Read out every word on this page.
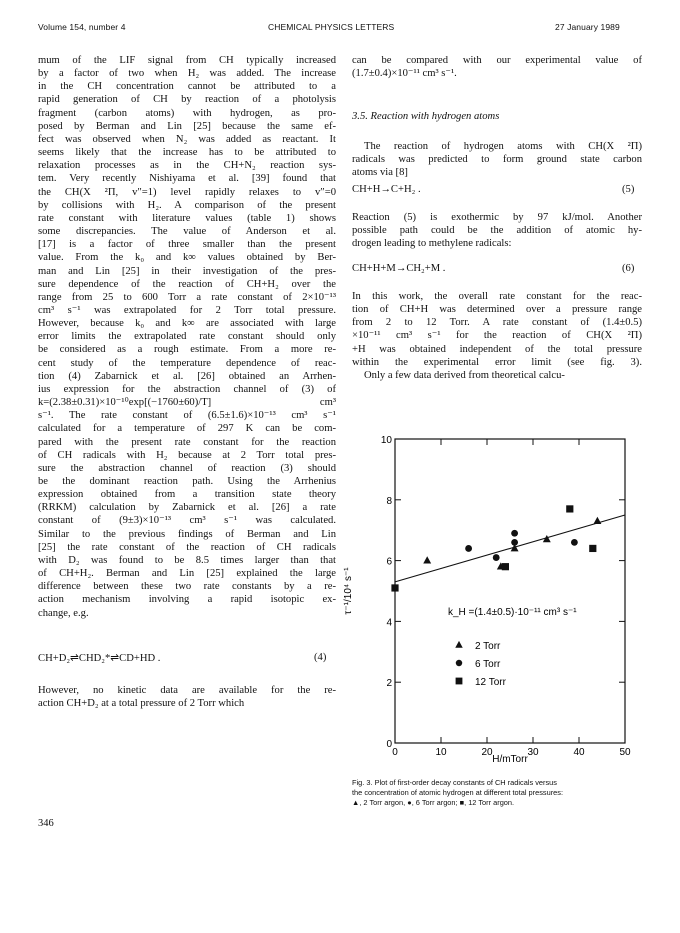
Volume 154, number 4	CHEMICAL PHYSICS LETTERS	27 January 1989
mum of the LIF signal from CH typically increased
by a factor of two when H₂ was added. The increase
in the CH concentration cannot be attributed to a
rapid generation of CH by reaction of a photolysis
fragment (carbon atoms) with hydrogen, as pro-
posed by Berman and Lin [25] because the same ef-
fect was observed when N₂ was added as reactant. It
seems likely that the increase has to be attributed to
relaxation processes as in the CH+N₂ reaction sys-
tem. Very recently Nishiyama et al. [39] found that
the CH(X ²Π, v″=1) level rapidly relaxes to v″=0
by collisions with H₂. A comparison of the present
rate constant with literature values (table 1) shows
some discrepancies. The value of Anderson et al.
[17] is a factor of three smaller than the present
value. From the k₀ and k∞ values obtained by Ber-
man and Lin [25] in their investigation of the pres-
sure dependence of the reaction of CH+H₂ over the
range from 25 to 600 Torr a rate constant of 2×10⁻¹³
cm³ s⁻¹ was extrapolated for 2 Torr total pressure.
However, because k₀ and k∞ are associated with large
error limits the extrapolated rate constant should only
be considered as a rough estimate. From a more re-
cent study of the temperature dependence of reac-
tion (4) Zabarnick et al. [26] obtained an Arrhen-
ius expression for the abstraction channel of (3) of
k=(2.38±0.31)×10⁻¹⁰exp[(−1760±60)/T] cm³
s⁻¹. The rate constant of (6.5±1.6)×10⁻¹³ cm³ s⁻¹
calculated for a temperature of 297 K can be com-
pared with the present rate constant for the reaction
of CH radicals with H₂ because at 2 Torr total pres-
sure the abstraction channel of reaction (3) should
be the dominant reaction path. Using the Arrhenius
expression obtained from a transition state theory
(RRKM) calculation by Zabarnick et al. [26] a rate
constant of (9±3)×10⁻¹³ cm³ s⁻¹ was calculated.
Similar to the previous findings of Berman and Lin
[25] the rate constant of the reaction of CH radicals
with D₂ was found to be 8.5 times larger than that
of CH+H₂. Berman and Lin [25] explained the large
difference between these two rate constants by a re-
action mechanism involving a rapid isotopic ex-
change, e.g.
CH+D₂⇌CHD₂*⇌CD+HD .	(4)
However, no kinetic data are available for the re-
action CH+D₂ at a total pressure of 2 Torr which
can be compared with our experimental value of
(1.7±0.4)×10⁻¹¹ cm³ s⁻¹.
3.5. Reaction with hydrogen atoms
The reaction of hydrogen atoms with CH(X ²Π)
radicals was predicted to form ground state carbon
atoms via [8]
CH+H→C+H₂ .	(5)
Reaction (5) is exothermic by 97 kJ/mol. Another
possible path could be the addition of atomic hy-
drogen leading to methylene radicals:
CH+H+M→CH₂+M .	(6)
In this work, the overall rate constant for the reac-
tion of CH+H was determined over a pressure range
from 2 to 12 Torr. A rate constant of (1.4±0.5)
×10⁻¹¹ cm³ s⁻¹ for the reaction of CH(X ²Π)
+H was obtained independent of the total pressure
within the experimental error limit (see fig. 3).
Only a few data derived from theoretical calcu-
0	10	20	30	40	50
0
2
4
6
8
10
H/mTorr
τ⁻¹/10⁴ s⁻¹	k_H =(1.4±0.5)·10⁻¹¹ cm³ s⁻¹
2 Torr
6 Torr
12 Torr
Fig. 3. Plot of first-order decay constants of CH radicals versus
the concentration of atomic hydrogen at different total pressures:
▲, 2 Torr argon, ●, 6 Torr argon; ■, 12 Torr argon.
346
